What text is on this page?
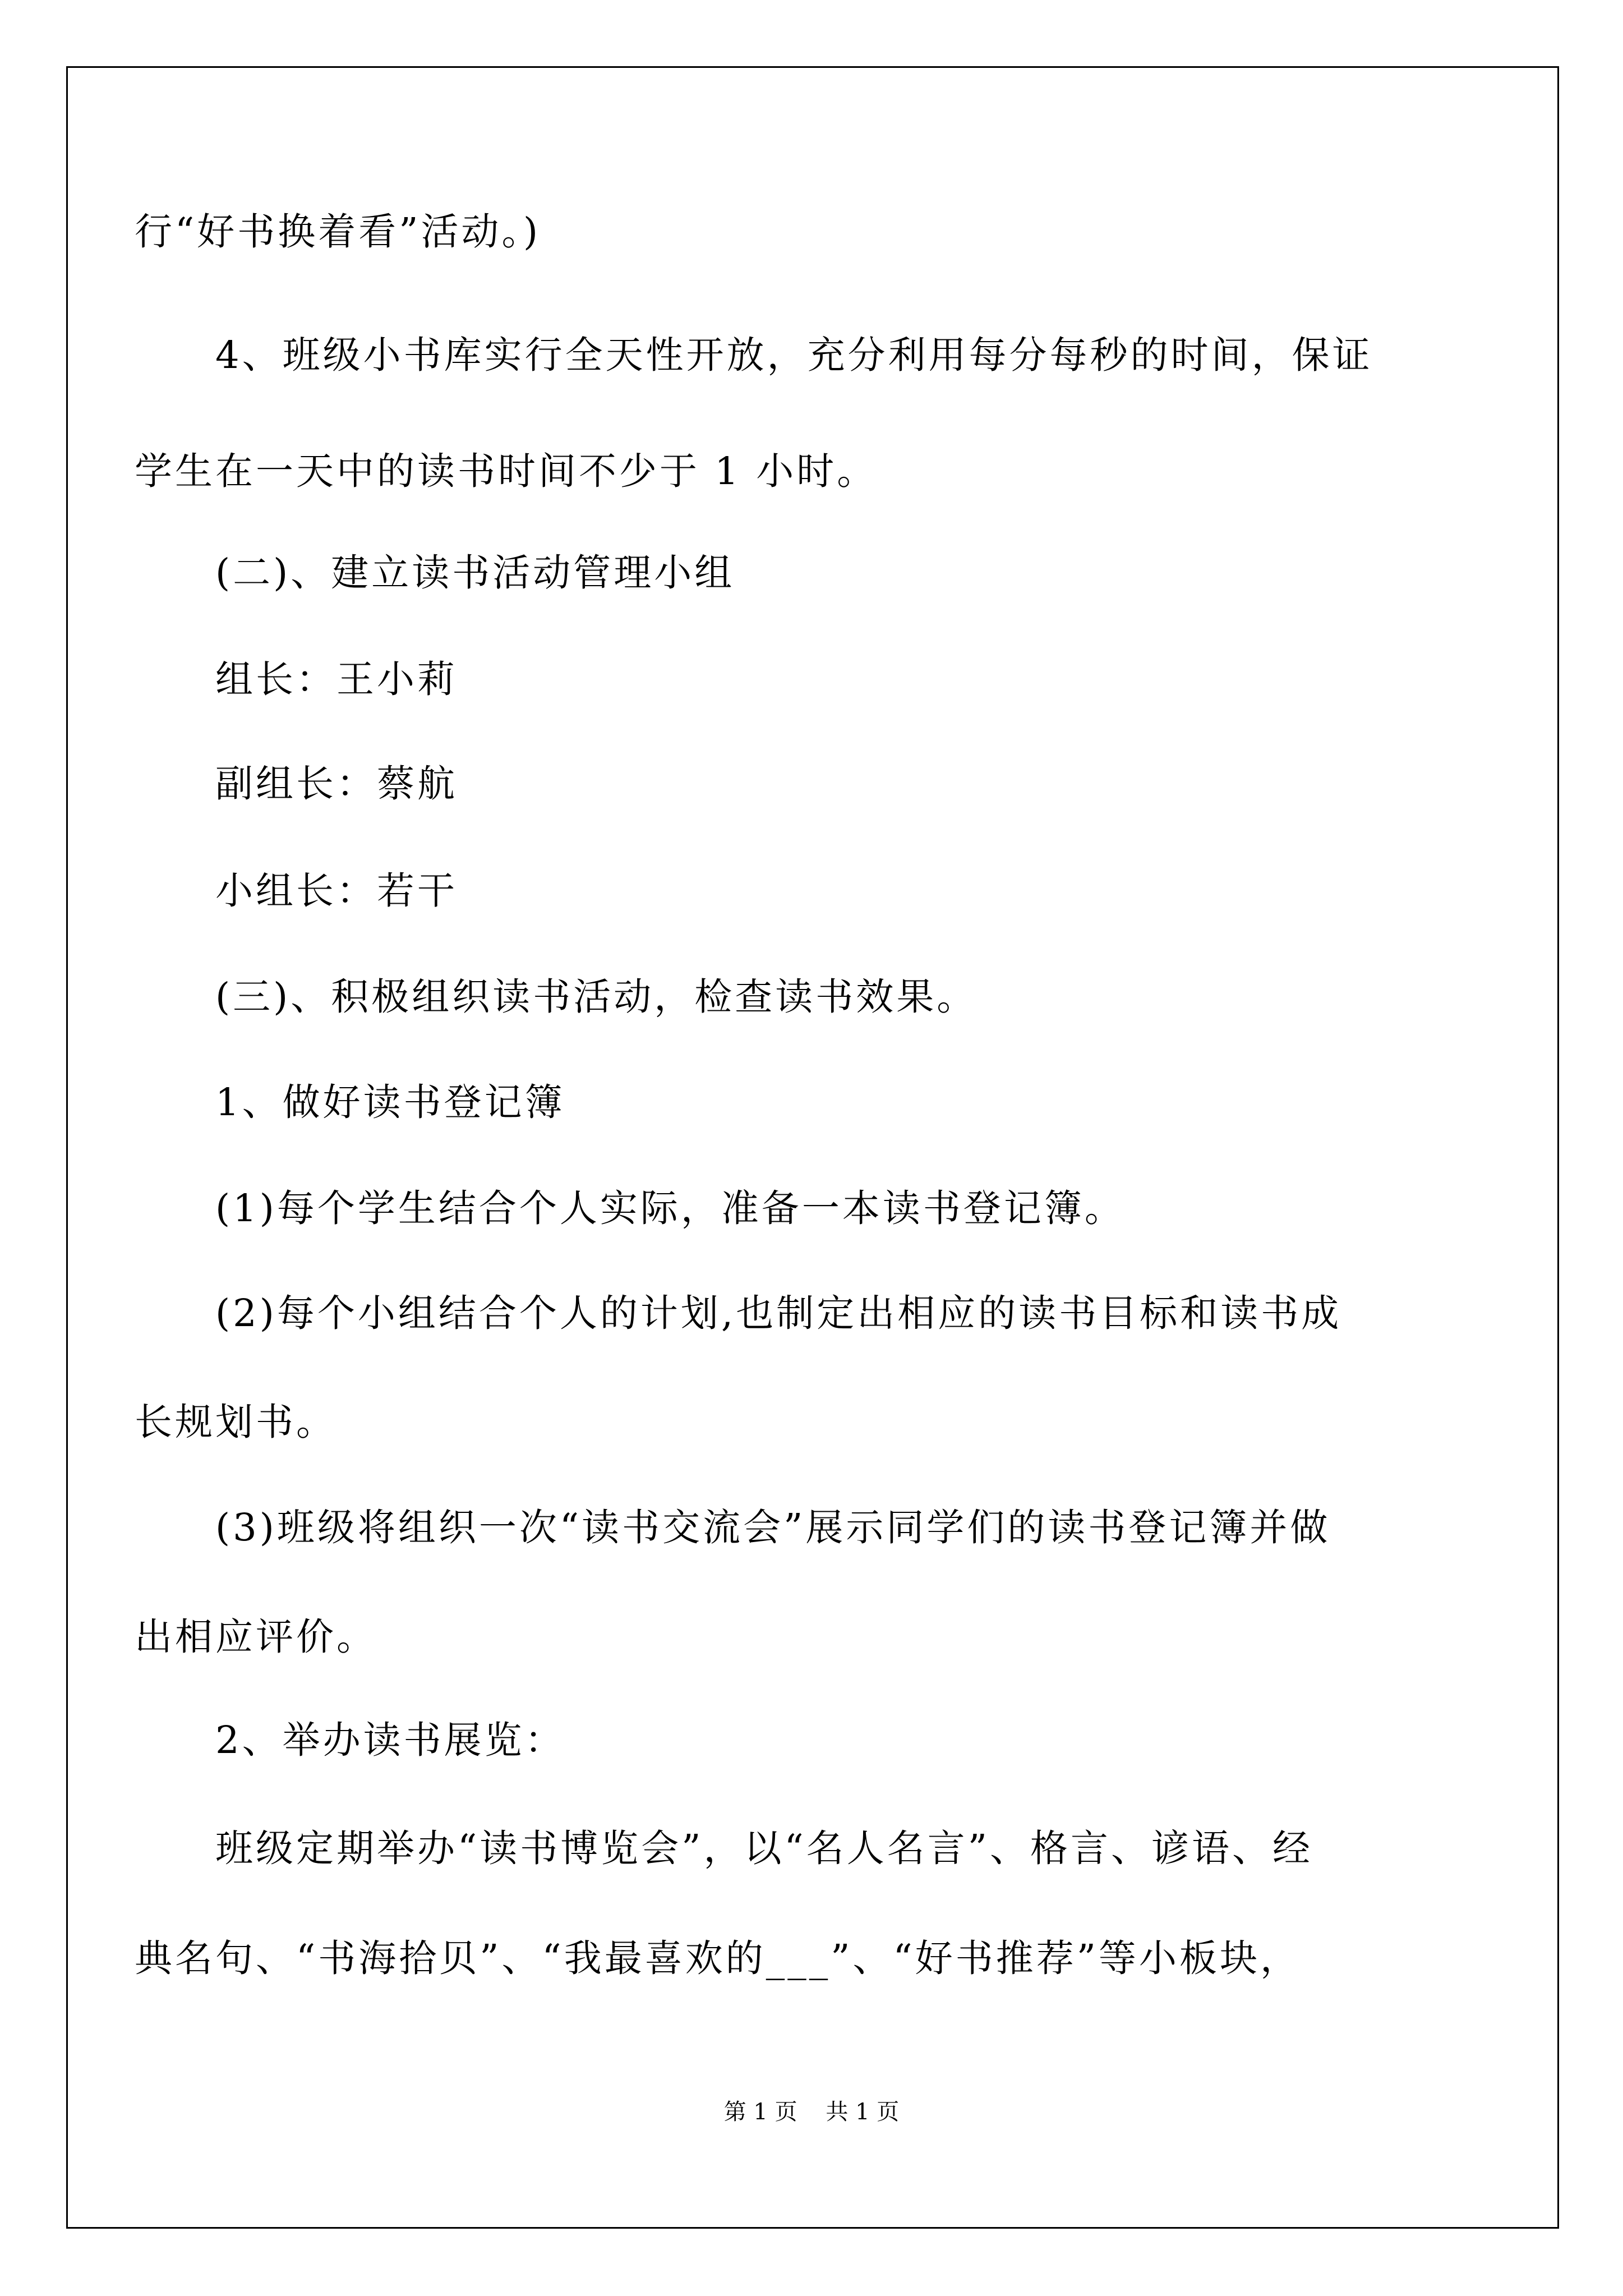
行“好书换着看”活动。)
4、班级小书库实行全天性开放，充分利用每分每秒的时间，保证
学生在一天中的读书时间不少于 1 小时。
(二)、建立读书活动管理小组
组长：王小莉
副组长：蔡航
小组长：若干
(三)、积极组织读书活动，检查读书效果。
1、做好读书登记簿
(1)每个学生结合个人实际，准备一本读书登记簿。
(2)每个小组结合个人的计划,也制定出相应的读书目标和读书成
长规划书。
(3)班级将组织一次“读书交流会”展示同学们的读书登记簿并做
出相应评价。
2、举办读书展览：
班级定期举办“读书博览会”，以“名人名言”、格言、谚语、经
典名句、“书海拾贝”、“我最喜欢的___”、“好书推荐”等小板块，
第 1 页    共 1 页
